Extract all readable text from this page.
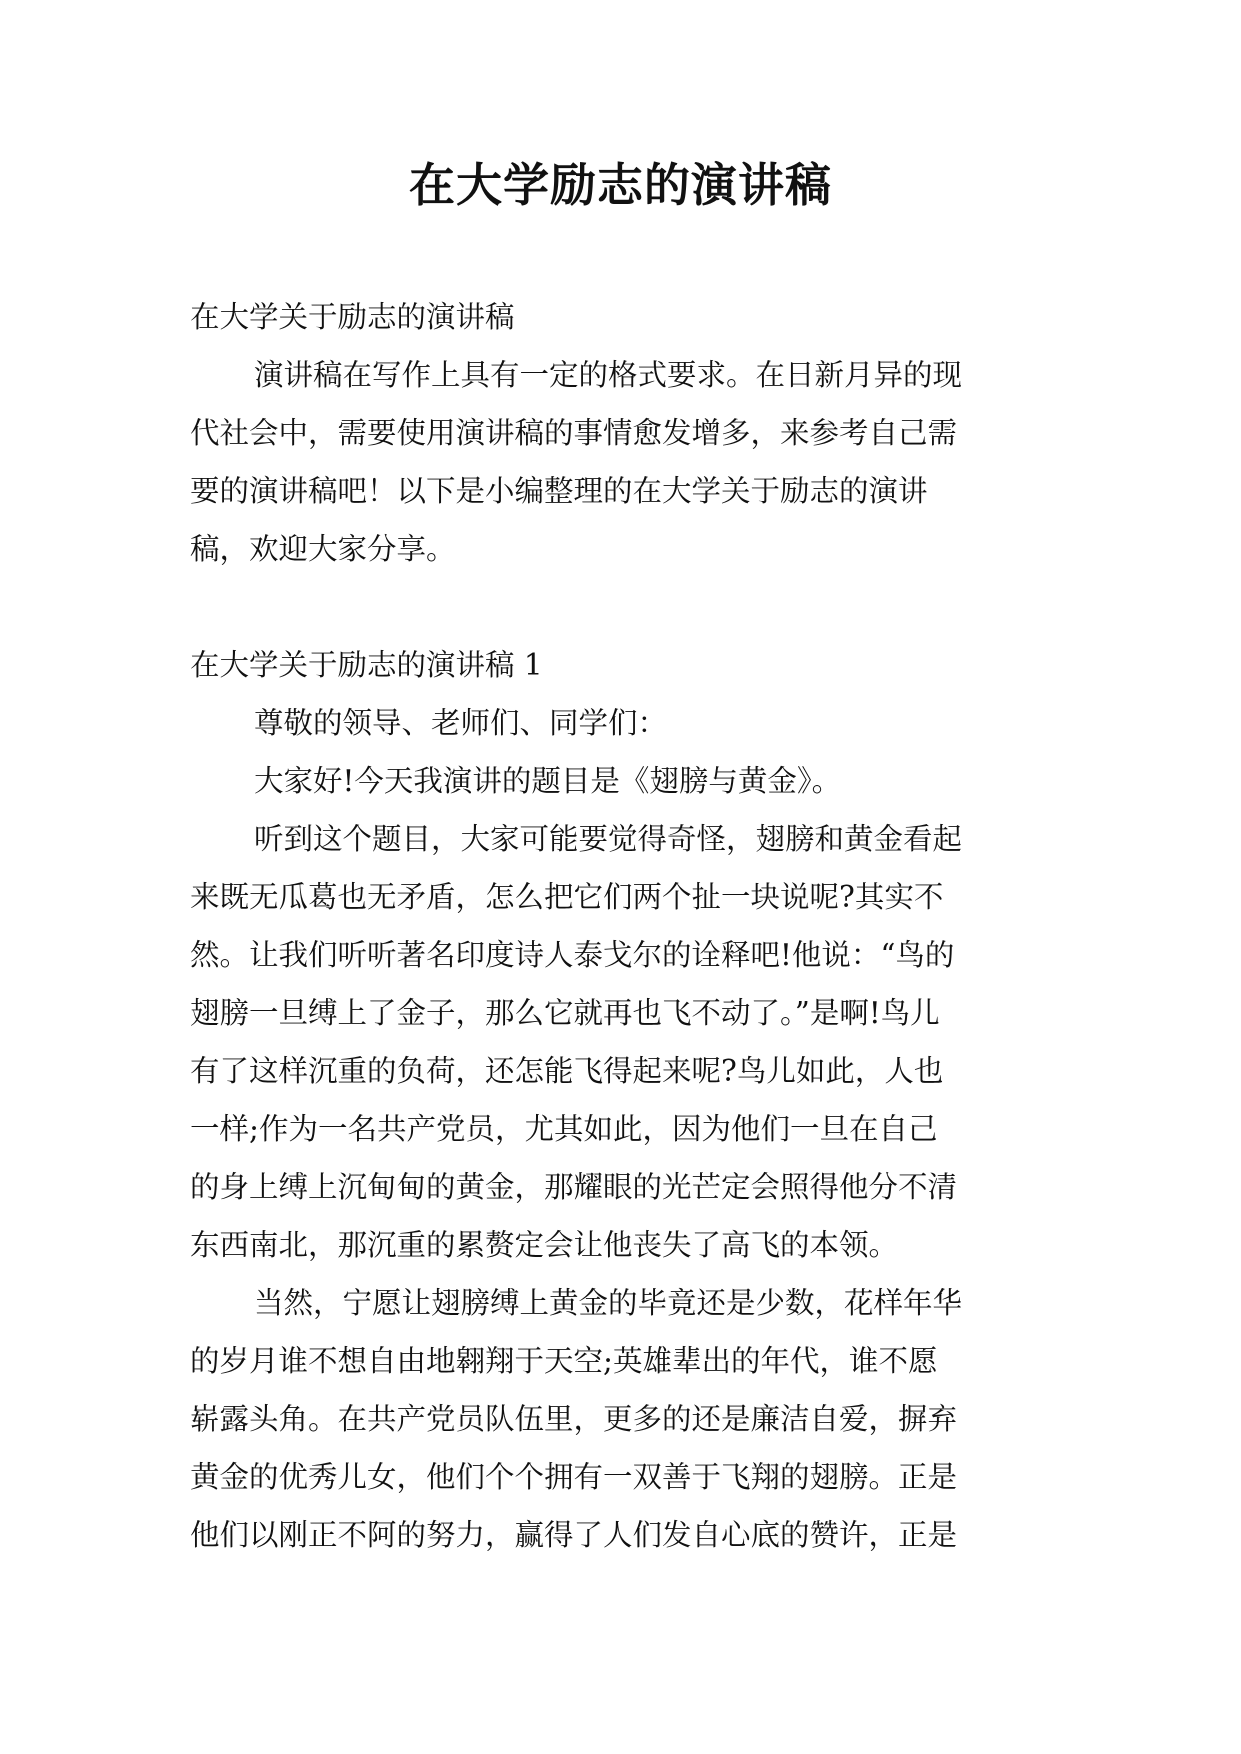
在大学励志的演讲稿
在大学关于励志的演讲稿
演讲稿在写作上具有一定的格式要求。在日新月异的现
代社会中，需要使用演讲稿的事情愈发增多，来参考自己需
要的演讲稿吧！以下是小编整理的在大学关于励志的演讲
稿，欢迎大家分享。
在大学关于励志的演讲稿 1
尊敬的领导、老师们、同学们：
大家好!今天我演讲的题目是《翅膀与黄金》。
听到这个题目，大家可能要觉得奇怪，翅膀和黄金看起
来既无瓜葛也无矛盾，怎么把它们两个扯一块说呢?其实不
然。让我们听听著名印度诗人泰戈尔的诠释吧!他说：“鸟的
翅膀一旦缚上了金子，那么它就再也飞不动了。”是啊!鸟儿
有了这样沉重的负荷，还怎能飞得起来呢?鸟儿如此，人也
一样;作为一名共产党员，尤其如此，因为他们一旦在自己
的身上缚上沉甸甸的黄金，那耀眼的光芒定会照得他分不清
东西南北，那沉重的累赘定会让他丧失了高飞的本领。
当然，宁愿让翅膀缚上黄金的毕竟还是少数，花样年华
的岁月谁不想自由地翱翔于天空;英雄辈出的年代，谁不愿
崭露头角。在共产党员队伍里，更多的还是廉洁自爱，摒弃
黄金的优秀儿女，他们个个拥有一双善于飞翔的翅膀。正是
他们以刚正不阿的努力，赢得了人们发自心底的赞许，正是
